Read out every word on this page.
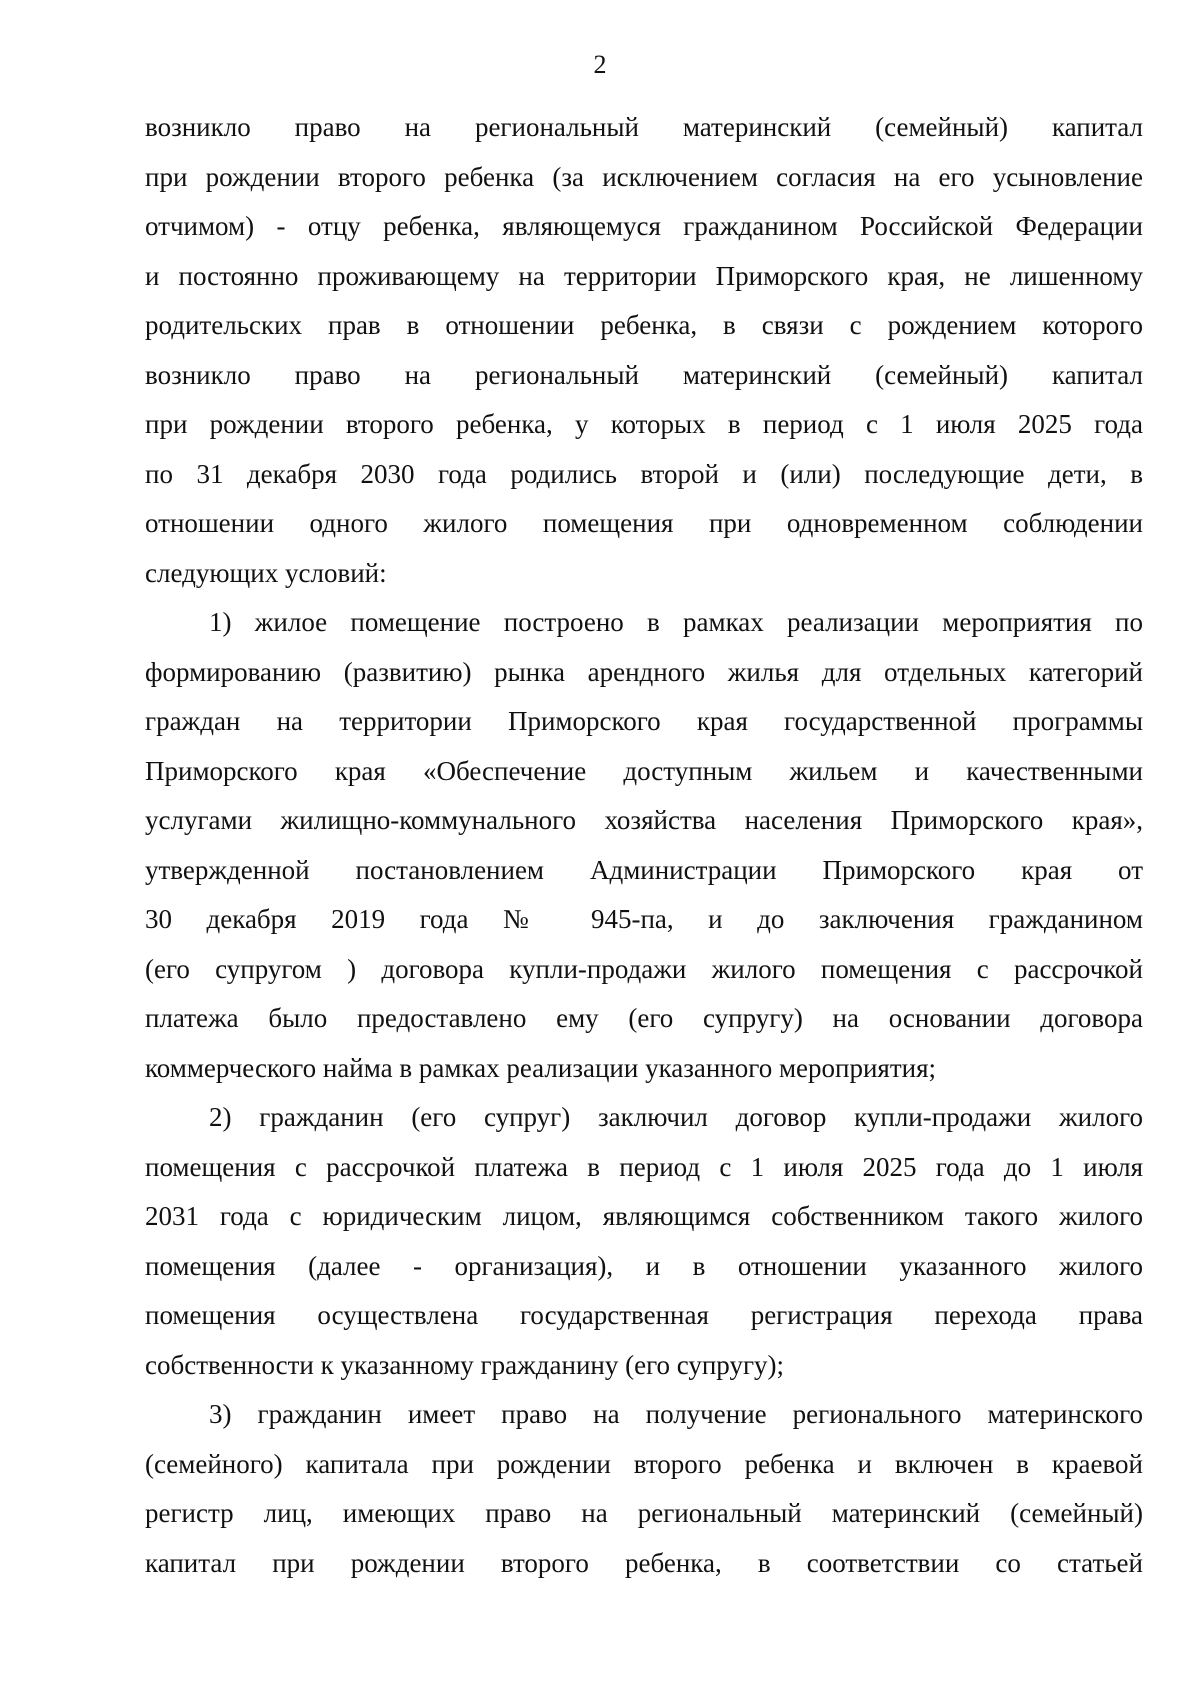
2
возникло право на региональный материнский (семейный) капитал
при рождении второго ребенка (за исключением согласия на его усыновление
отчимом) - отцу ребенка, являющемуся гражданином Российской Федерации
и постоянно проживающему на территории Приморского края, не лишенному
родительских прав в отношении ребенка, в связи с рождением которого
возникло право на региональный материнский (семейный) капитал
при рождении второго ребенка, у которых в период с 1 июля 2025 года
по 31 декабря 2030 года родились второй и (или) последующие дети, в
отношении одного жилого помещения при одновременном соблюдении
следующих условий:
1) жилое помещение построено в рамках реализации мероприятия по
формированию (развитию) рынка арендного жилья для отдельных категорий
граждан на территории Приморского края государственной программы
Приморского края «Обеспечение доступным жильем и качественными
услугами жилищно-коммунального хозяйства населения Приморского края»,
утвержденной постановлением Администрации Приморского края от
30 декабря 2019 года № 945-па, и до заключения гражданином
(его супругом ) договора купли-продажи жилого помещения с рассрочкой
платежа было предоставлено ему (его супругу) на основании договора
коммерческого найма в рамках реализации указанного мероприятия;
2) гражданин (его супруг) заключил договор купли-продажи жилого
помещения с рассрочкой платежа в период с 1 июля 2025 года до 1 июля
2031 года с юридическим лицом, являющимся собственником такого жилого
помещения (далее - организация), и в отношении указанного жилого
помещения осуществлена государственная регистрация перехода права
собственности к указанному гражданину (его супругу);
3) гражданин имеет право на получение регионального материнского
(семейного) капитала при рождении второго ребенка и включен в краевой
регистр лиц, имеющих право на региональный материнский (семейный)
капитал при рождении второго ребенка, в соответствии со статьей
